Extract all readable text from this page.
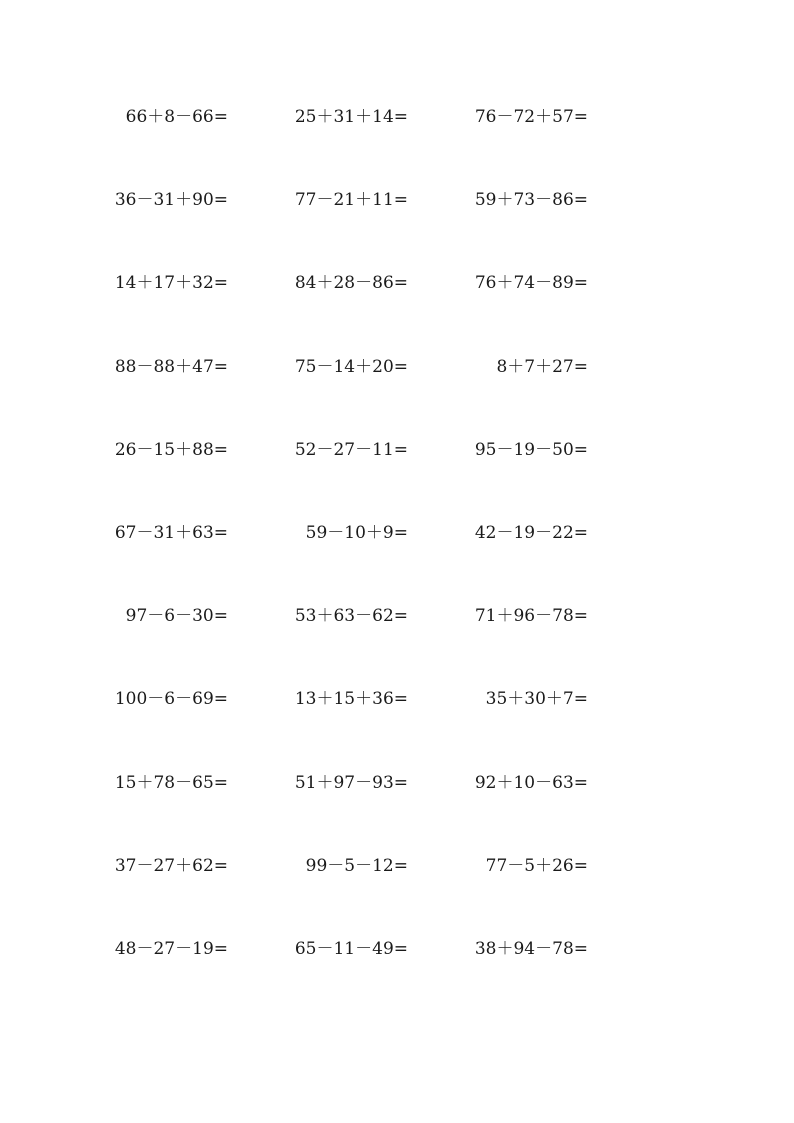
66＋8－66=	25＋31＋14=	76－72＋57=
36－31＋90=	77－21＋11=	59＋73－86=
14＋17＋32=	84＋28－86=	76＋74－89=
88－88＋47=	75－14＋20=	8＋7＋27=
26－15＋88=	52－27－11=	95－19－50=
67－31＋63=	59－10＋9=	42－19－22=
97－6－30=	53＋63－62=	71＋96－78=
100－6－69=	13＋15＋36=	35＋30＋7=
15＋78－65=	51＋97－93=	92＋10－63=
37－27＋62=	99－5－12=	77－5＋26=
48－27－19=	65－11－49=	38＋94－78=
